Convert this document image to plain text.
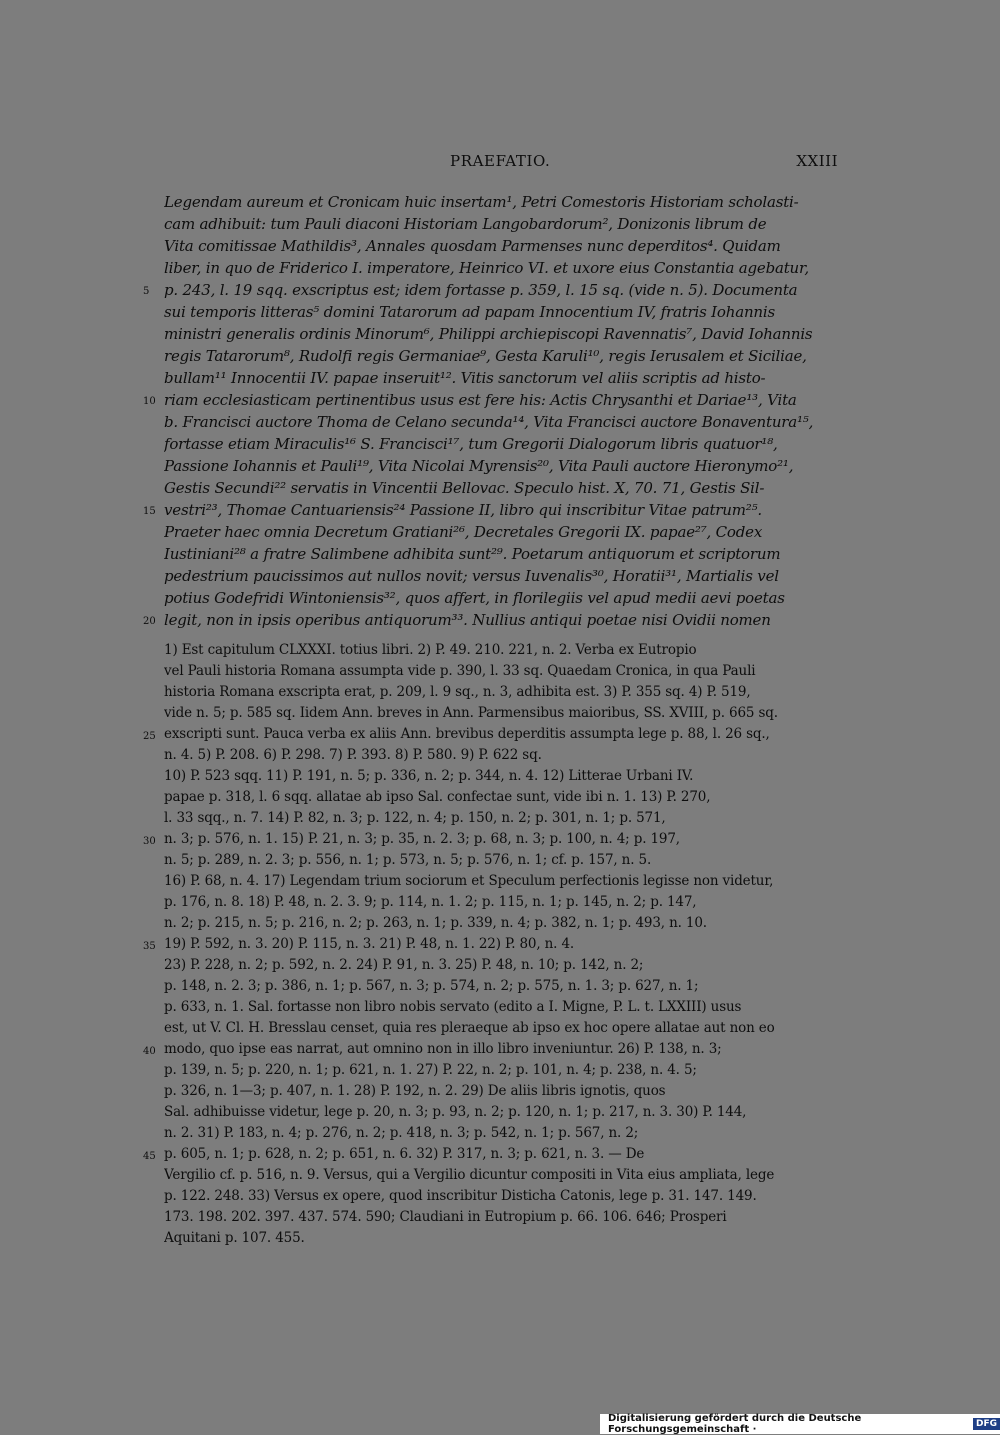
PRAEFATIO.	XXIII
Legendam aureum et Cronicam huic insertam¹, Petri Comestoris Historiam scholasti-
cam adhibuit: tum Pauli diaconi Historiam Langobardorum², Donizonis librum de
Vita comitissae Mathildis³, Annales quosdam Parmenses nunc deperditos⁴. Quidam
liber, in quo de Friderico I. imperatore, Heinrico VI. et uxore eius Constantia agebatur,
p. 243, l. 19 sqq. exscriptus est; idem fortasse p. 359, l. 15 sq. (vide n. 5). Documenta
sui temporis litteras⁵ domini Tatarorum ad papam Innocentium IV, fratris Iohannis
ministri generalis ordinis Minorum⁶, Philippi archiepiscopi Ravennatis⁷, David Iohannis
regis Tatarorum⁸, Rudolfi regis Germaniae⁹, Gesta Karuli¹⁰, regis Ierusalem et Siciliae,
bullam¹¹ Innocentii IV. papae inseruit¹². Vitis sanctorum vel aliis scriptis ad histo-
riam ecclesiasticam pertinentibus usus est fere his: Actis Chrysanthi et Dariae¹³, Vita
b. Francisci auctore Thoma de Celano secunda¹⁴, Vita Francisci auctore Bonaventura¹⁵,
fortasse etiam Miraculis¹⁶ S. Francisci¹⁷, tum Gregorii Dialogorum libris quatuor¹⁸,
Passione Iohannis et Pauli¹⁹, Vita Nicolai Myrensis²⁰, Vita Pauli auctore Hieronymo²¹,
Gestis Secundi²² servatis in Vincentii Bellovac. Speculo hist. X, 70. 71, Gestis Sil-
vestri²³, Thomae Cantuariensis²⁴ Passione II, libro qui inscribitur Vitae patrum²⁵.
Praeter haec omnia Decretum Gratiani²⁶, Decretales Gregorii IX. papae²⁷, Codex
Iustiniani²⁸ a fratre Salimbene adhibita sunt²⁹. Poetarum antiquorum et scriptorum
pedestrium paucissimos aut nullos novit; versus Iuvenalis³⁰, Horatii³¹, Martialis vel
potius Godefridi Wintoniensis³², quos affert, in florilegiis vel apud medii aevi poetas
legit, non in ipsis operibus antiquorum³³. Nullius antiqui poetae nisi Ovidii nomen
1) Est capitulum CLXXXI. totius libri. 2) P. 49. 210. 221, n. 2. Verba ex Eutropio
vel Pauli historia Romana assumpta vide p. 390, l. 33 sq. Quaedam Cronica, in qua Pauli
historia Romana exscripta erat, p. 209, l. 9 sq., n. 3, adhibita est. 3) P. 355 sq. 4) P. 519,
vide n. 5; p. 585 sq. Iidem Ann. breves in Ann. Parmensibus maioribus, SS. XVIII, p. 665 sq.
exscripti sunt. Pauca verba ex aliis Ann. brevibus deperditis assumpta lege p. 88, l. 26 sq.,
n. 4. 5) P. 208. 6) P. 298. 7) P. 393. 8) P. 580. 9) P. 622 sq.
10) P. 523 sqq. 11) P. 191, n. 5; p. 336, n. 2; p. 344, n. 4. 12) Litterae Urbani IV.
papae p. 318, l. 6 sqq. allatae ab ipso Sal. confectae sunt, vide ibi n. 1. 13) P. 270,
l. 33 sqq., n. 7. 14) P. 82, n. 3; p. 122, n. 4; p. 150, n. 2; p. 301, n. 1; p. 571,
n. 3; p. 576, n. 1. 15) P. 21, n. 3; p. 35, n. 2. 3; p. 68, n. 3; p. 100, n. 4; p. 197,
n. 5; p. 289, n. 2. 3; p. 556, n. 1; p. 573, n. 5; p. 576, n. 1; cf. p. 157, n. 5.
16) P. 68, n. 4. 17) Legendam trium sociorum et Speculum perfectionis legisse non videtur,
p. 176, n. 8. 18) P. 48, n. 2. 3. 9; p. 114, n. 1. 2; p. 115, n. 1; p. 145, n. 2; p. 147,
n. 2; p. 215, n. 5; p. 216, n. 2; p. 263, n. 1; p. 339, n. 4; p. 382, n. 1; p. 493, n. 10.
19) P. 592, n. 3. 20) P. 115, n. 3. 21) P. 48, n. 1. 22) P. 80, n. 4.
23) P. 228, n. 2; p. 592, n. 2. 24) P. 91, n. 3. 25) P. 48, n. 10; p. 142, n. 2;
p. 148, n. 2. 3; p. 386, n. 1; p. 567, n. 3; p. 574, n. 2; p. 575, n. 1. 3; p. 627, n. 1;
p. 633, n. 1. Sal. fortasse non libro nobis servato (edito a I. Migne, P. L. t. LXXIII) usus
est, ut V. Cl. H. Bresslau censet, quia res pleraeque ab ipso ex hoc opere allatae aut non eo
modo, quo ipse eas narrat, aut omnino non in illo libro inveniuntur. 26) P. 138, n. 3;
p. 139, n. 5; p. 220, n. 1; p. 621, n. 1. 27) P. 22, n. 2; p. 101, n. 4; p. 238, n. 4. 5;
p. 326, n. 1—3; p. 407, n. 1. 28) P. 192, n. 2. 29) De aliis libris ignotis, quos
Sal. adhibuisse videtur, lege p. 20, n. 3; p. 93, n. 2; p. 120, n. 1; p. 217, n. 3. 30) P. 144,
n. 2. 31) P. 183, n. 4; p. 276, n. 2; p. 418, n. 3; p. 542, n. 1; p. 567, n. 2;
p. 605, n. 1; p. 628, n. 2; p. 651, n. 6. 32) P. 317, n. 3; p. 621, n. 3. — De
Vergilio cf. p. 516, n. 9. Versus, qui a Vergilio dicuntur compositi in Vita eius ampliata, lege
p. 122. 248. 33) Versus ex opere, quod inscribitur Disticha Catonis, lege p. 31. 147. 149.
173. 198. 202. 397. 437. 574. 590; Claudiani in Eutropium p. 66. 106. 646; Prosperi
Aquitani p. 107. 455.
5
10
15
20
25
30
35
40
45
Digitalisierung gefördert durch die Deutsche Forschungsgemeinschaft ·	DFG
